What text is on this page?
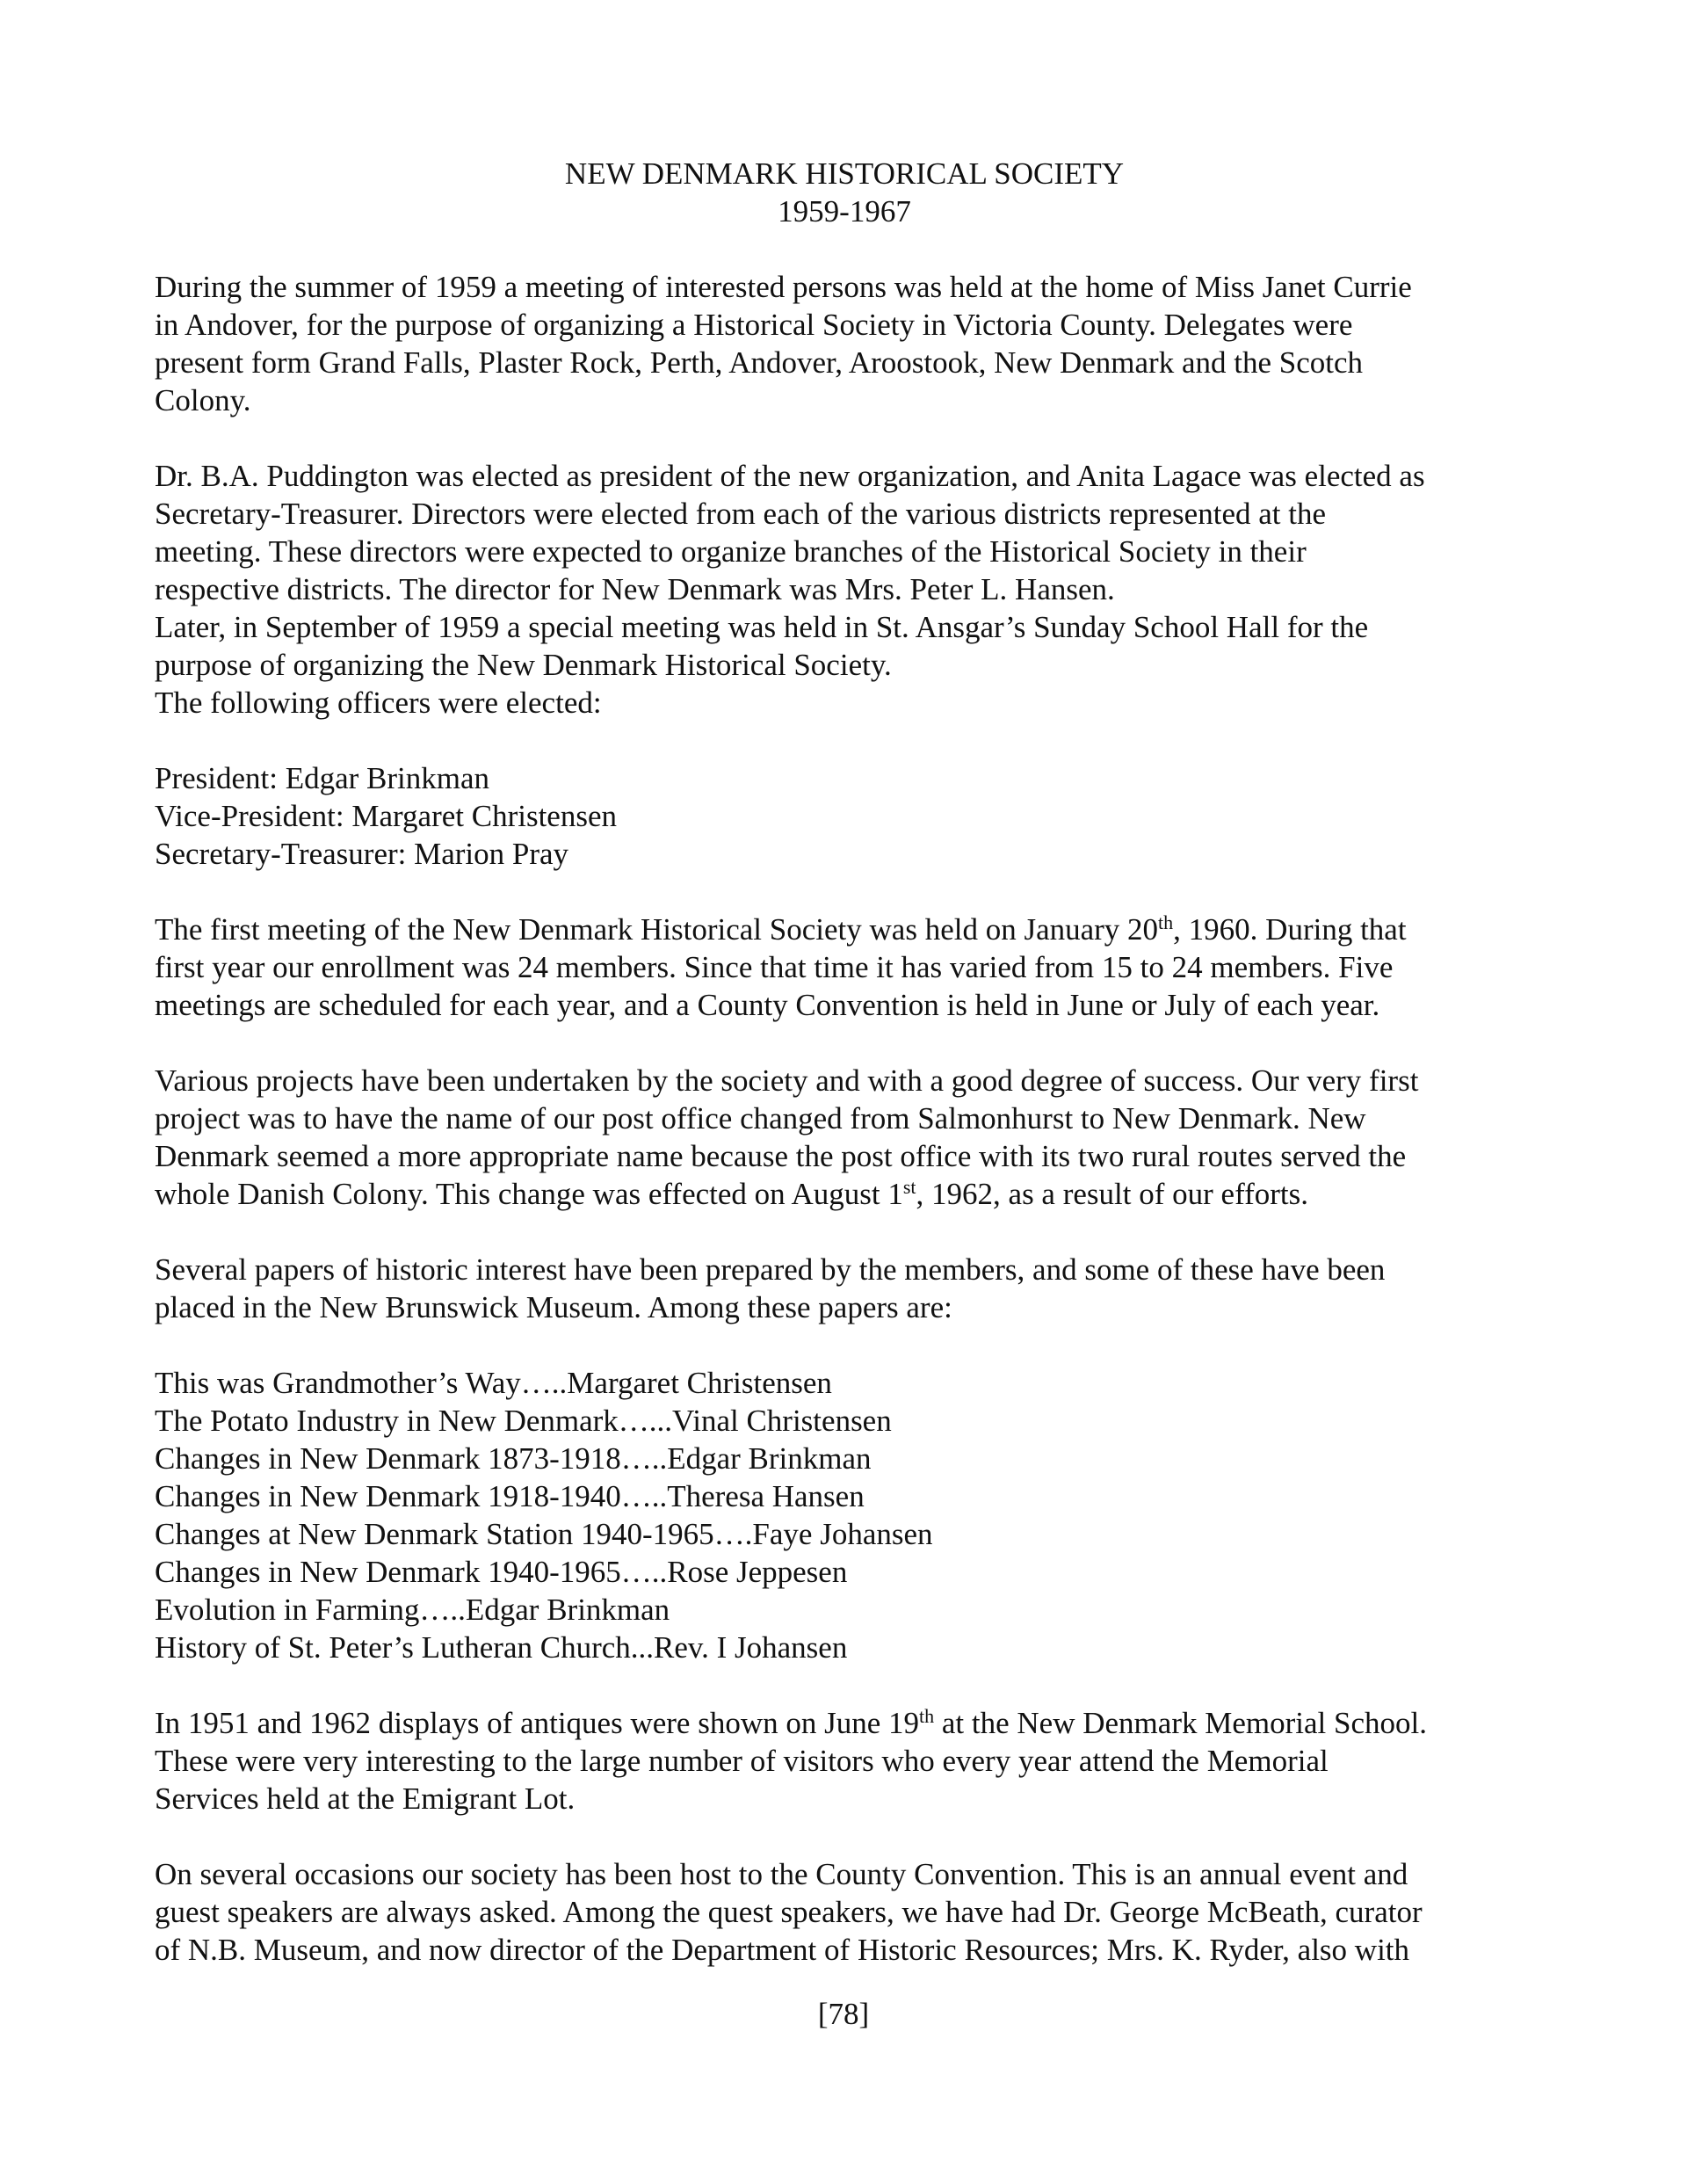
NEW DENMARK HISTORICAL SOCIETY

1959-1967

During the summer of 1959 a meeting of interested persons was held at the home of Miss Janet Currie
in Andover, for the purpose of organizing a Historical Society in Victoria County. Delegates were
present form Grand Falls, Plaster Rock, Perth, Andover, Aroostook, New Denmark and the Scotch
Colony.

Dr. B.A. Puddington was elected as president of the new organization, and Anita Lagace was elected as
Secretary-Treasurer. Directors were elected from each of the various districts represented at the
meeting. These directors were expected to organize branches of the Historical Society in their
respective districts. The director for New Denmark was Mrs. Peter L. Hansen.
Later, in September of 1959 a special meeting was held in St. Ansgar’s Sunday School Hall for the
purpose of organizing the New Denmark Historical Society.
The following officers were elected:

President: Edgar Brinkman
Vice-President: Margaret Christensen
Secretary-Treasurer: Marion Pray

The first meeting of the New Denmark Historical Society was held on January 20th, 1960. During that
first year our enrollment was 24 members. Since that time it has varied from 15 to 24 members. Five
meetings are scheduled for each year, and a County Convention is held in June or July of each year.

Various projects have been undertaken by the society and with a good degree of success. Our very first
project was to have the name of our post office changed from Salmonhurst to New Denmark. New
Denmark seemed a more appropriate name because the post office with its two rural routes served the
whole Danish Colony. This change was effected on August 1st, 1962, as a result of our efforts.

Several papers of historic interest have been prepared by the members, and some of these have been
placed in the New Brunswick Museum. Among these papers are:

This was Grandmother’s Way…..Margaret Christensen
The Potato Industry in New Denmark…...Vinal Christensen
Changes in New Denmark 1873-1918…..Edgar Brinkman
Changes in New Denmark 1918-1940…..Theresa Hansen
Changes at New Denmark Station 1940-1965….Faye Johansen
Changes in New Denmark 1940-1965…..Rose Jeppesen
Evolution in Farming…..Edgar Brinkman
History of St. Peter’s Lutheran Church...Rev. I Johansen

In 1951 and 1962 displays of antiques were shown on June 19th at the New Denmark Memorial School.
These were very interesting to the large number of visitors who every year attend the Memorial
Services held at the Emigrant Lot.

On several occasions our society has been host to the County Convention. This is an annual event and
guest speakers are always asked. Among the quest speakers, we have had Dr. George McBeath, curator
of N.B. Museum, and now director of the Department of Historic Resources; Mrs. K. Ryder, also with

[78]
